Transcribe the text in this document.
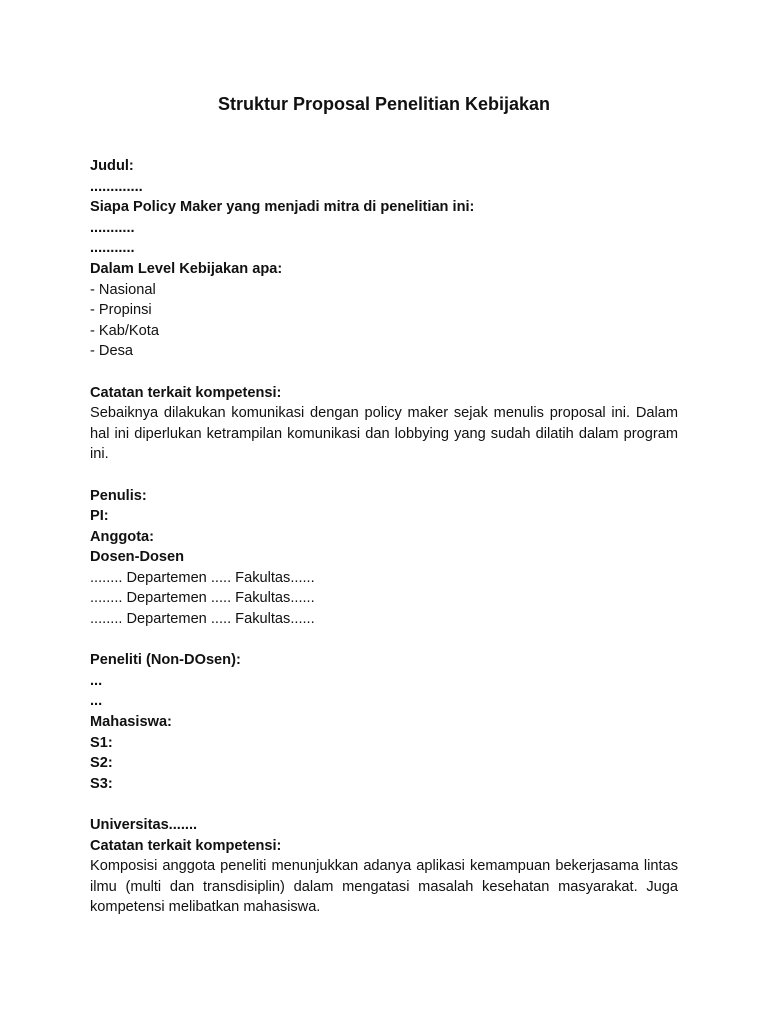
Struktur Proposal Penelitian Kebijakan
Judul:
.............
Siapa Policy Maker yang menjadi mitra di penelitian ini:
...........
...........
Dalam Level Kebijakan apa:
- Nasional
- Propinsi
- Kab/Kota
- Desa
Catatan terkait kompetensi:
Sebaiknya dilakukan komunikasi dengan policy maker sejak menulis proposal ini. Dalam hal ini diperlukan ketrampilan komunikasi dan lobbying yang sudah dilatih dalam program ini.
Penulis:
PI:
Anggota:
Dosen-Dosen
........ Departemen ..... Fakultas......
........ Departemen ..... Fakultas......
........ Departemen ..... Fakultas......
Peneliti (Non-DOsen):
...
...
Mahasiswa:
S1:
S2:
S3:
Universitas.......
Catatan terkait kompetensi:
Komposisi anggota peneliti menunjukkan adanya aplikasi kemampuan bekerjasama lintas ilmu (multi dan transdisiplin) dalam mengatasi masalah kesehatan masyarakat. Juga kompetensi melibatkan mahasiswa.
